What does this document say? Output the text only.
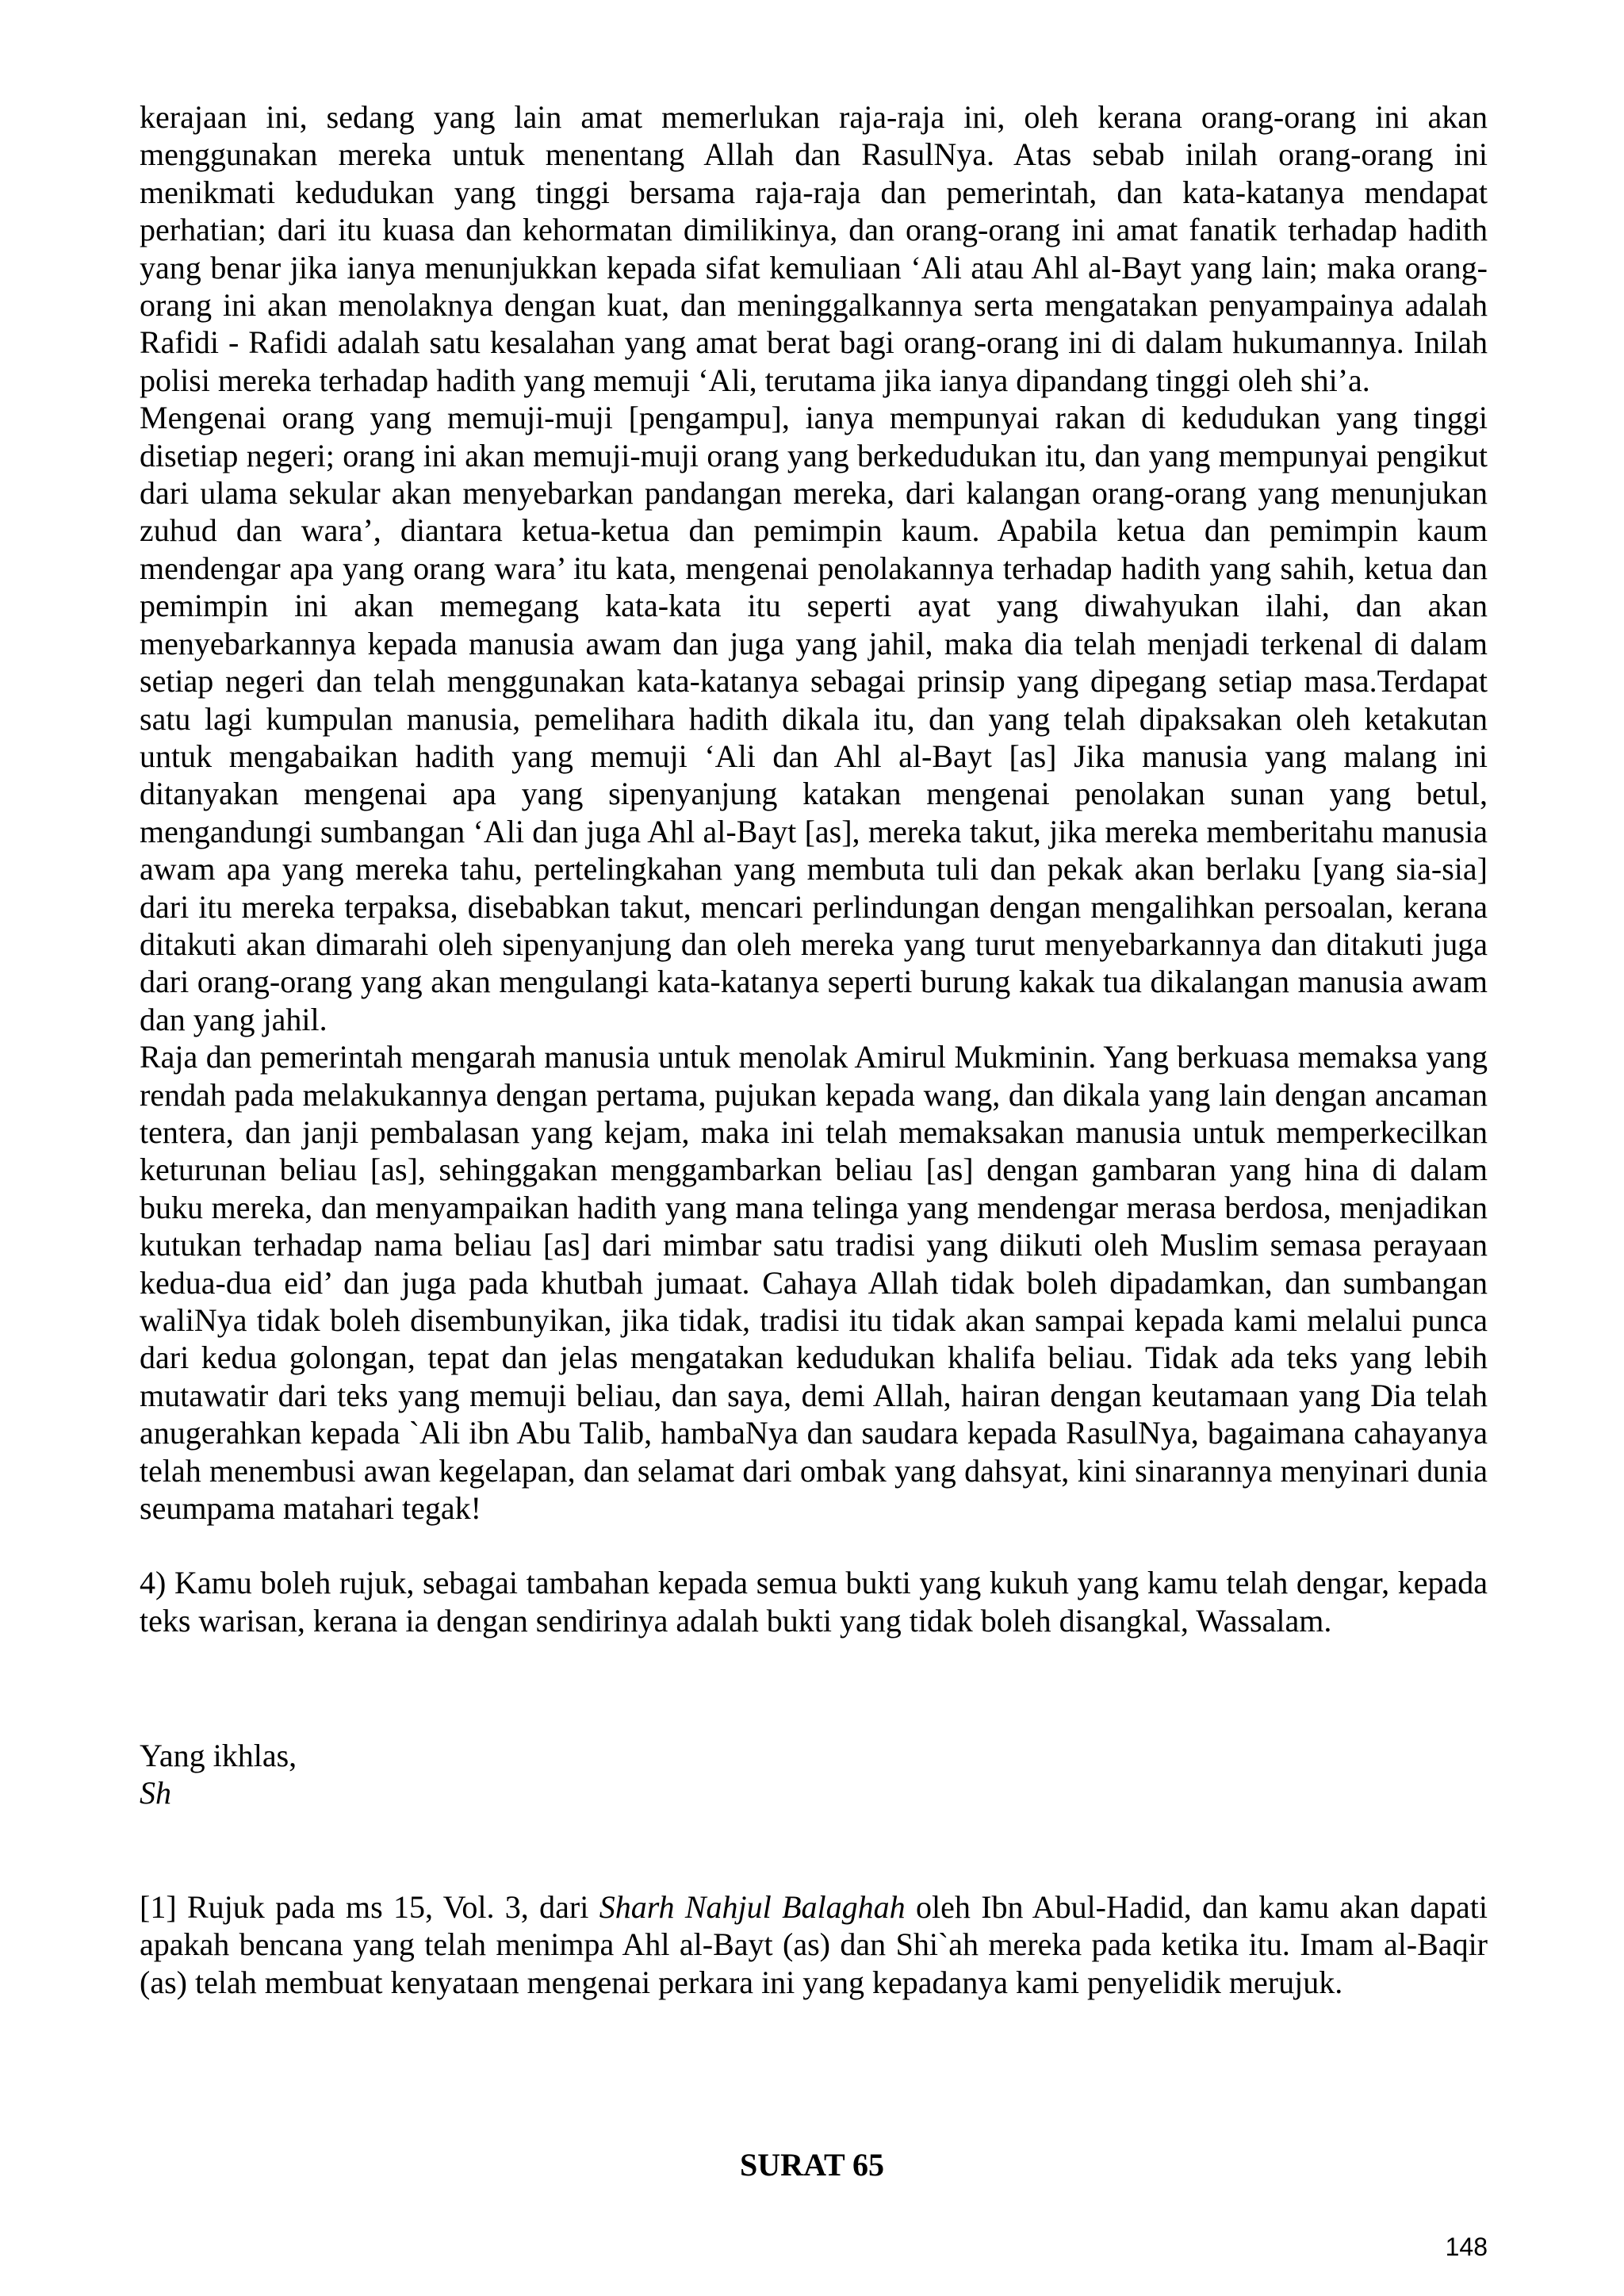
kerajaan ini, sedang yang lain amat memerlukan raja-raja ini, oleh kerana orang-orang ini akan menggunakan mereka untuk menentang Allah dan RasulNya. Atas sebab inilah orang-orang ini menikmati kedudukan yang tinggi bersama raja-raja dan pemerintah, dan kata-katanya mendapat perhatian; dari itu kuasa dan kehormatan dimilikinya, dan orang-orang ini amat fanatik terhadap hadith yang benar jika ianya menunjukkan kepada sifat kemuliaan ‘Ali atau Ahl al-Bayt yang lain; maka orang-orang ini akan menolaknya dengan kuat, dan meninggalkannya serta mengatakan penyampainya adalah Rafidi - Rafidi adalah satu kesalahan yang amat berat bagi orang-orang ini di dalam hukumannya. Inilah polisi mereka terhadap hadith yang memuji ‘Ali, terutama jika ianya dipandang tinggi oleh shi’a.

Mengenai orang yang memuji-muji [pengampu], ianya mempunyai rakan di kedudukan yang tinggi disetiap negeri; orang ini akan memuji-muji orang yang berkedudukan itu, dan yang mempunyai pengikut dari ulama sekular akan menyebarkan pandangan mereka, dari kalangan orang-orang yang menunjukan zuhud dan wara’, diantara ketua-ketua dan pemimpin kaum. Apabila ketua dan pemimpin kaum mendengar apa yang orang wara’ itu kata, mengenai penolakannya terhadap hadith yang sahih, ketua dan pemimpin ini akan memegang kata-kata itu seperti ayat yang diwahyukan ilahi, dan akan menyebarkannya kepada manusia awam dan juga yang jahil, maka dia telah menjadi terkenal di dalam setiap negeri dan telah menggunakan kata-katanya sebagai prinsip yang dipegang setiap masa.Terdapat satu lagi kumpulan manusia, pemelihara hadith dikala itu, dan yang telah dipaksakan oleh ketakutan untuk mengabaikan hadith yang memuji ‘Ali dan Ahl al-Bayt [as] Jika manusia yang malang ini ditanyakan mengenai apa yang sipenyanjung katakan mengenai penolakan sunan yang betul, mengandungi sumbangan ‘Ali dan juga Ahl al-Bayt [as], mereka takut, jika mereka memberitahu manusia awam apa yang mereka tahu, pertelingkahan yang membuta tuli dan pekak akan berlaku [yang sia-sia] dari itu mereka terpaksa, disebabkan takut, mencari perlindungan dengan mengalihkan persoalan, kerana ditakuti akan dimarahi oleh sipenyanjung dan oleh mereka yang turut menyebarkannya dan ditakuti juga dari orang-orang yang akan mengulangi kata-katanya seperti burung kakak tua dikalangan manusia awam dan yang jahil.

Raja dan pemerintah mengarah manusia untuk menolak Amirul Mukminin. Yang berkuasa memaksa yang rendah pada melakukannya dengan pertama, pujukan kepada wang, dan dikala yang lain dengan ancaman tentera, dan janji pembalasan yang kejam, maka ini telah memaksakan manusia untuk memperkecilkan keturunan beliau [as], sehinggakan menggambarkan beliau [as] dengan gambaran yang hina di dalam buku mereka, dan menyampaikan hadith yang mana telinga yang mendengar merasa berdosa, menjadikan kutukan terhadap nama beliau [as] dari mimbar satu tradisi yang diikuti oleh Muslim semasa perayaan kedua-dua eid’ dan juga pada khutbah jumaat. Cahaya Allah tidak boleh dipadamkan, dan sumbangan waliNya tidak boleh disembunyikan, jika tidak, tradisi itu tidak akan sampai kepada kami melalui punca dari kedua golongan, tepat dan jelas mengatakan kedudukan khalifa beliau. Tidak ada teks yang lebih mutawatir dari teks yang memuji beliau, dan saya, demi Allah, hairan dengan keutamaan yang Dia telah anugerahkan kepada `Ali ibn Abu Talib, hambaNya dan saudara kepada RasulNya, bagaimana cahayanya telah menembusi awan kegelapan, dan selamat dari ombak yang dahsyat, kini sinarannya menyinari dunia seumpama matahari tegak!

4) Kamu boleh rujuk, sebagai tambahan kepada semua bukti yang kukuh yang kamu telah dengar, kepada teks warisan, kerana ia dengan sendirinya adalah bukti yang tidak boleh disangkal, Wassalam.

Yang ikhlas,
Sh

[1] Rujuk pada ms 15, Vol. 3, dari Sharh Nahjul Balaghah oleh Ibn Abul-Hadid, dan kamu akan dapati apakah bencana yang telah menimpa Ahl al-Bayt (as) dan Shi`ah mereka pada ketika itu. Imam al-Baqir (as) telah membuat kenyataan mengenai perkara ini yang kepadanya kami penyelidik merujuk.

SURAT 65
148
